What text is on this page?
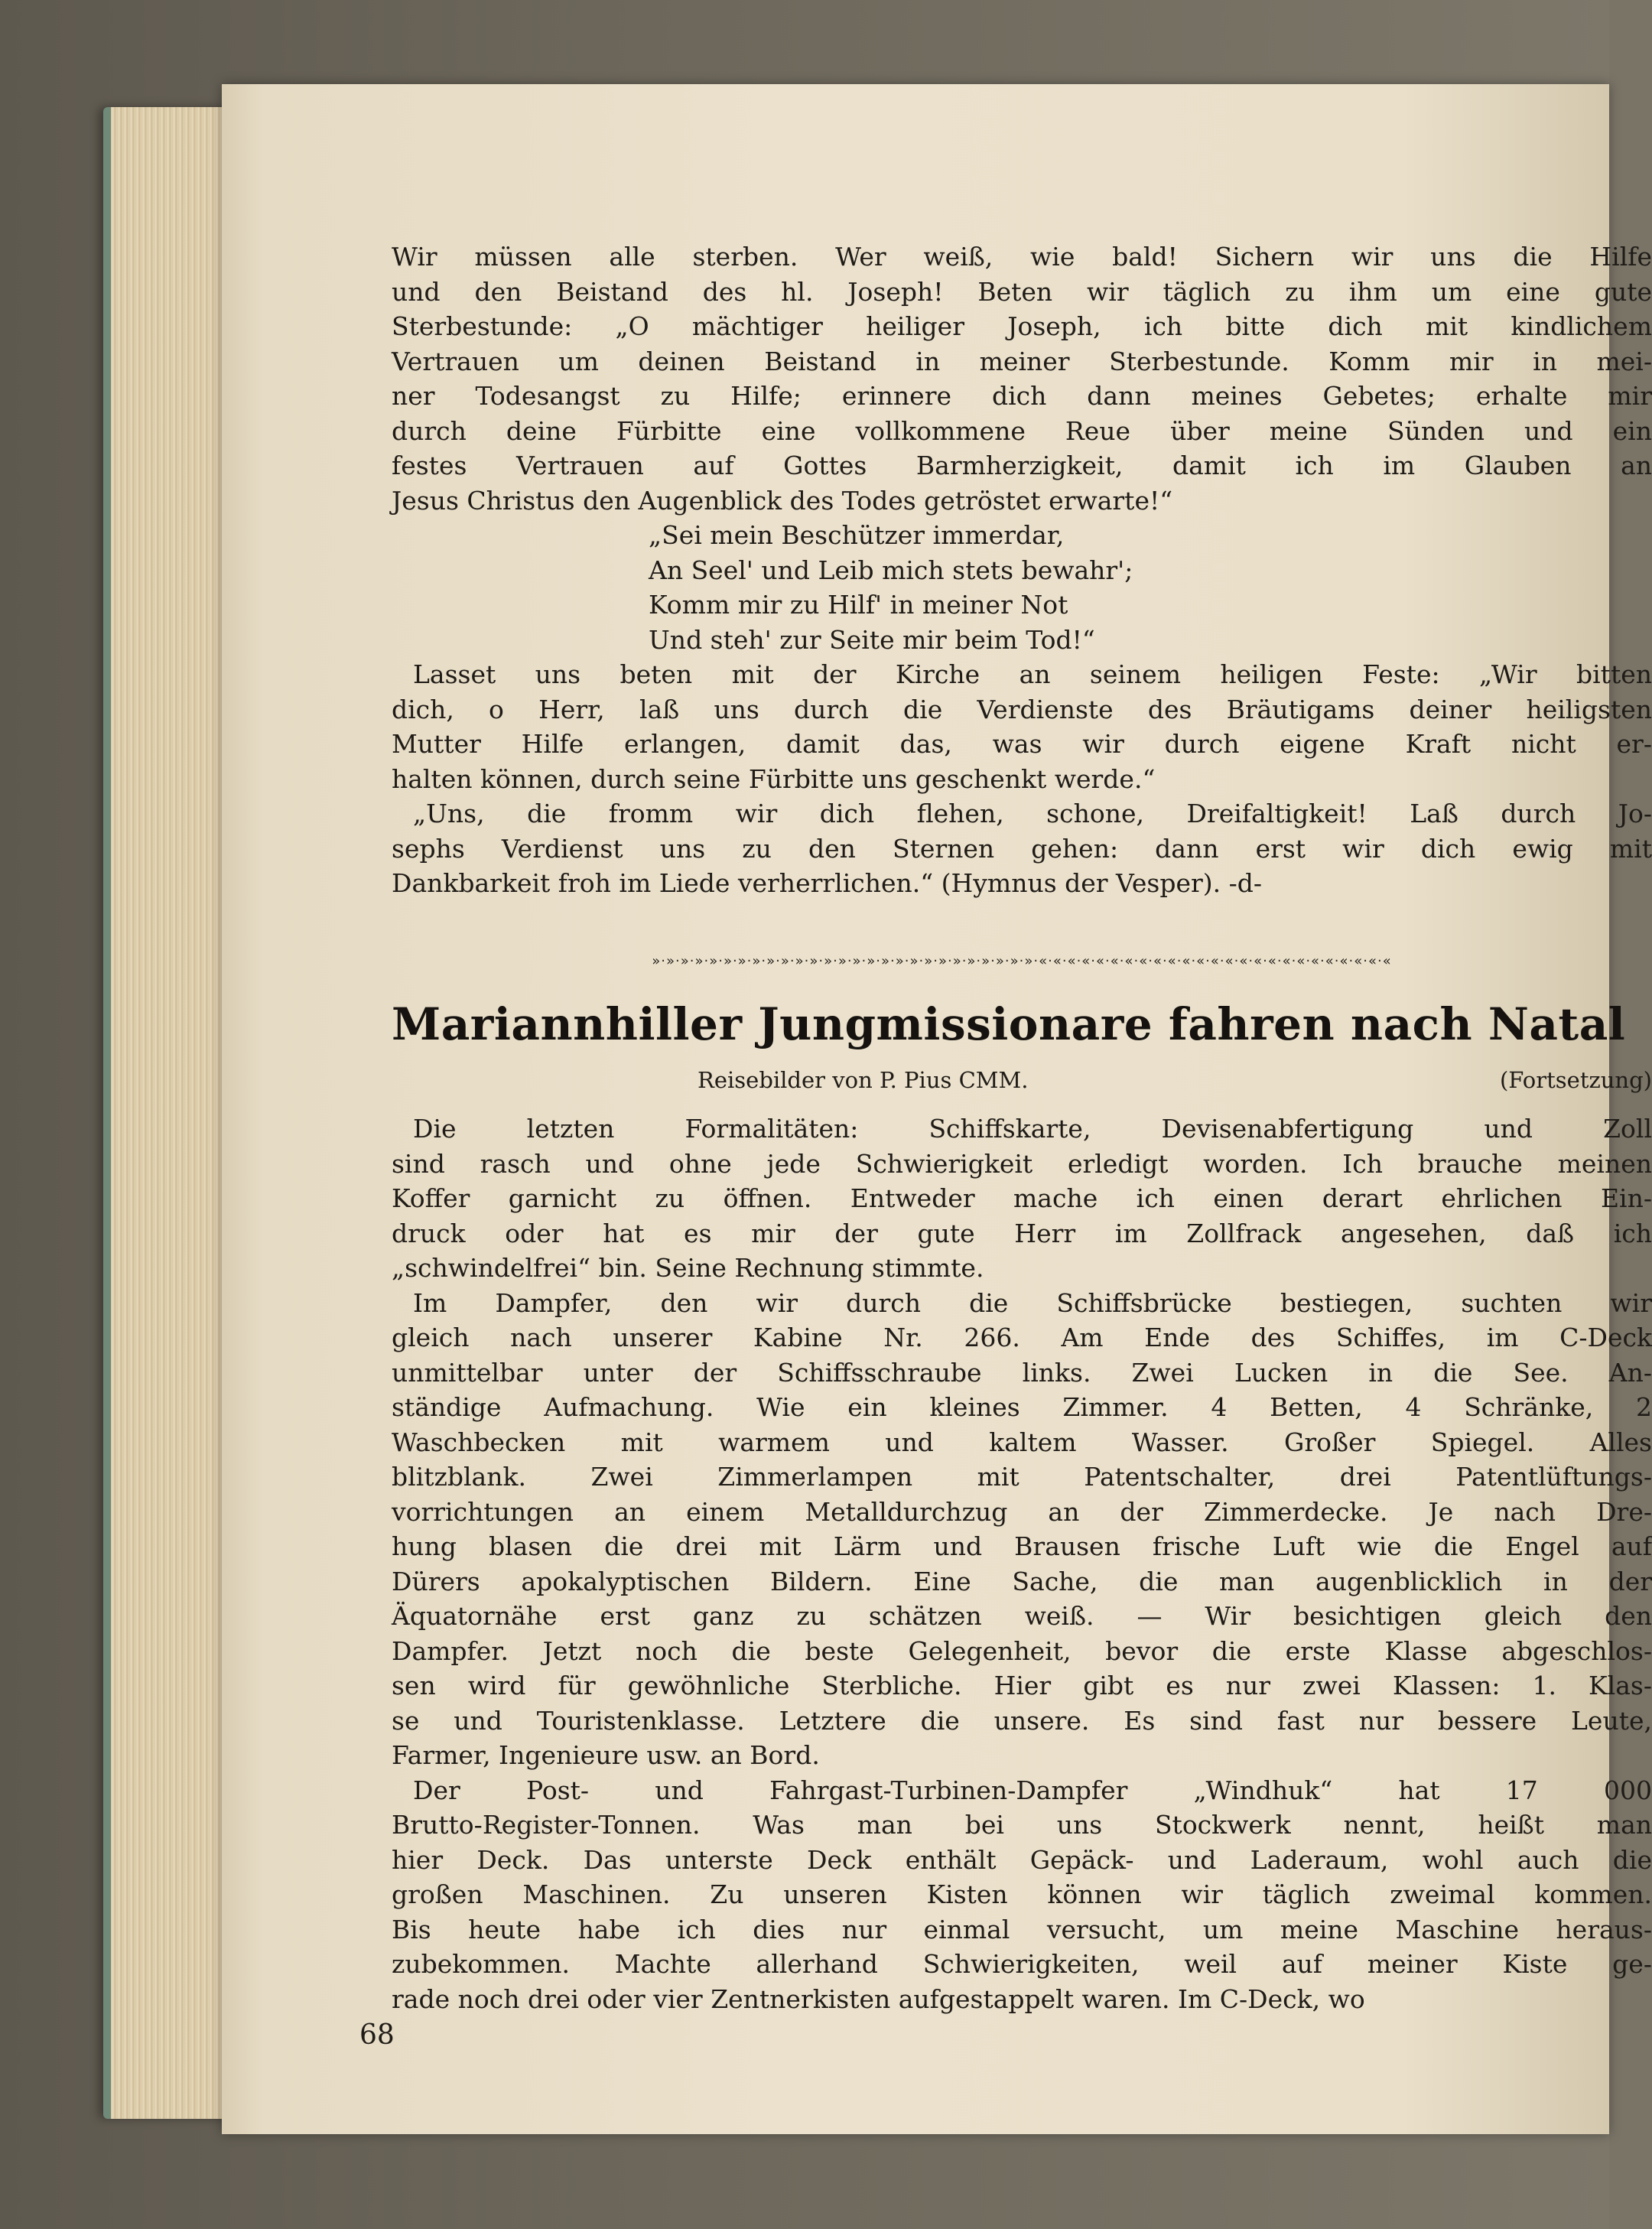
Wir müssen alle sterben. Wer weiß, wie bald! Sichern wir uns die Hilfe
und den Beistand des hl. Joseph! Beten wir täglich zu ihm um eine gute
Sterbestunde: „O mächtiger heiliger Joseph, ich bitte dich mit kindlichem
Vertrauen um deinen Beistand in meiner Sterbestunde. Komm mir in mei-
ner Todesangst zu Hilfe; erinnere dich dann meines Gebetes; erhalte mir
durch deine Fürbitte eine vollkommene Reue über meine Sünden und ein
festes Vertrauen auf Gottes Barmherzigkeit, damit ich im Glauben an
Jesus Christus den Augenblick des Todes getröstet erwarte!“
„Sei mein Beschützer immerdar,
An Seel' und Leib mich stets bewahr';
Komm mir zu Hilf' in meiner Not
Und steh' zur Seite mir beim Tod!“
Lasset uns beten mit der Kirche an seinem heiligen Feste: „Wir bitten
dich, o Herr, laß uns durch die Verdienste des Bräutigams deiner heiligsten
Mutter Hilfe erlangen, damit das, was wir durch eigene Kraft nicht er-
halten können, durch seine Fürbitte uns geschenkt werde.“
„Uns, die fromm wir dich flehen, schone, Dreifaltigkeit! Laß durch Jo-
sephs Verdienst uns zu den Sternen gehen: dann erst wir dich ewig mit
Dankbarkeit froh im Liede verherrlichen.“ (Hymnus der Vesper). -d-
»·»·»·»·»·»·»·»·»·»·»·»·»·»·»·»·»·»·»·»·»·»·»·»·»·»·»·«·«·«·«·«·«·«·«·«·«·«·«·«·«·«·«·«·«·«·«·«·«·«·«·«
Mariannhiller Jungmissionare fahren nach Natal
Reisebilder von P. Pius CMM.	(Fortsetzung)
Die letzten Formalitäten: Schiffskarte, Devisenabfertigung und Zoll
sind rasch und ohne jede Schwierigkeit erledigt worden. Ich brauche meinen
Koffer garnicht zu öffnen. Entweder mache ich einen derart ehrlichen Ein-
druck oder hat es mir der gute Herr im Zollfrack angesehen, daß ich
„schwindelfrei“ bin. Seine Rechnung stimmte.
Im Dampfer, den wir durch die Schiffsbrücke bestiegen, suchten wir
gleich nach unserer Kabine Nr. 266. Am Ende des Schiffes, im C-Deck
unmittelbar unter der Schiffsschraube links. Zwei Lucken in die See. An-
ständige Aufmachung. Wie ein kleines Zimmer. 4 Betten, 4 Schränke, 2
Waschbecken mit warmem und kaltem Wasser. Großer Spiegel. Alles
blitzblank. Zwei Zimmerlampen mit Patentschalter, drei Patentlüftungs-
vorrichtungen an einem Metalldurchzug an der Zimmerdecke. Je nach Dre-
hung blasen die drei mit Lärm und Brausen frische Luft wie die Engel auf
Dürers apokalyptischen Bildern. Eine Sache, die man augenblicklich in der
Äquatornähe erst ganz zu schätzen weiß. — Wir besichtigen gleich den
Dampfer. Jetzt noch die beste Gelegenheit, bevor die erste Klasse abgeschlos-
sen wird für gewöhnliche Sterbliche. Hier gibt es nur zwei Klassen: 1. Klas-
se und Touristenklasse. Letztere die unsere. Es sind fast nur bessere Leute,
Farmer, Ingenieure usw. an Bord.
Der Post- und Fahrgast-Turbinen-Dampfer „Windhuk“ hat 17 000
Brutto-Register-Tonnen. Was man bei uns Stockwerk nennt, heißt man
hier Deck. Das unterste Deck enthält Gepäck- und Laderaum, wohl auch die
großen Maschinen. Zu unseren Kisten können wir täglich zweimal kommen.
Bis heute habe ich dies nur einmal versucht, um meine Maschine heraus-
zubekommen. Machte allerhand Schwierigkeiten, weil auf meiner Kiste ge-
rade noch drei oder vier Zentnerkisten aufgestappelt waren. Im C-Deck, wo
68
